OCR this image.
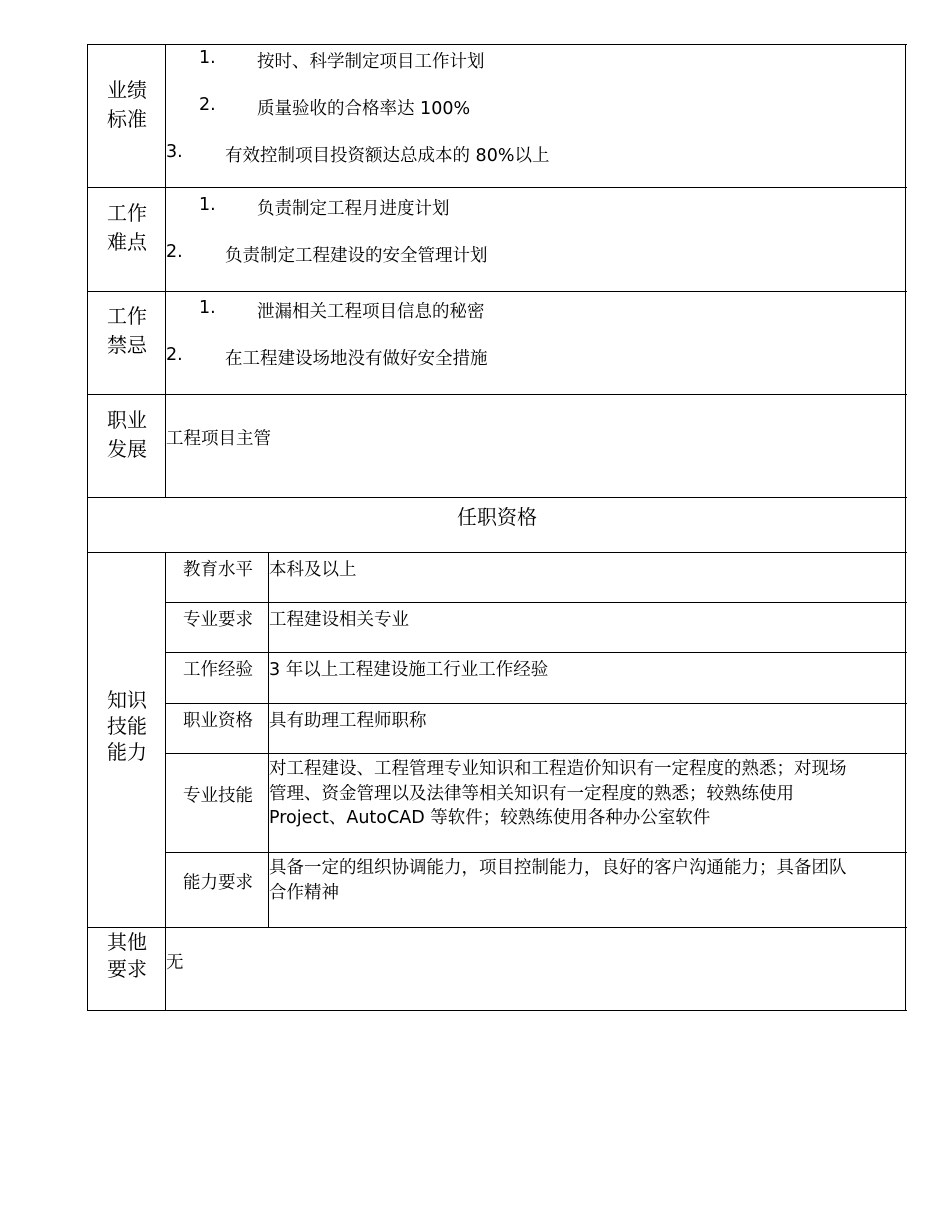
业绩
标准
1. 按时、科学制定项目工作计划
2. 质量验收的合格率达 100%
3. 有效控制项目投资额达总成本的 80%以上
工作
难点
1. 负责制定工程月进度计划
2. 负责制定工程建设的安全管理计划
工作
禁忌
1. 泄漏相关工程项目信息的秘密
2. 在工程建设场地没有做好安全措施
职业
发展	工程项目主管
任职资格
知识
技能
能力
教育水平 本科及以上
专业要求 工程建设相关专业
工作经验 3 年以上工程建设施工行业工作经验
职业资格 具有助理工程师职称
专业技能
对工程建设、工程管理专业知识和工程造价知识有一定程度的熟悉；对现场
管理、资金管理以及法律等相关知识有一定程度的熟悉；较熟练使用
Project、AutoCAD 等软件；较熟练使用各种办公室软件
能力要求
具备一定的组织协调能力，项目控制能力，良好的客户沟通能力；具备团队
合作精神
其他
要求	无
